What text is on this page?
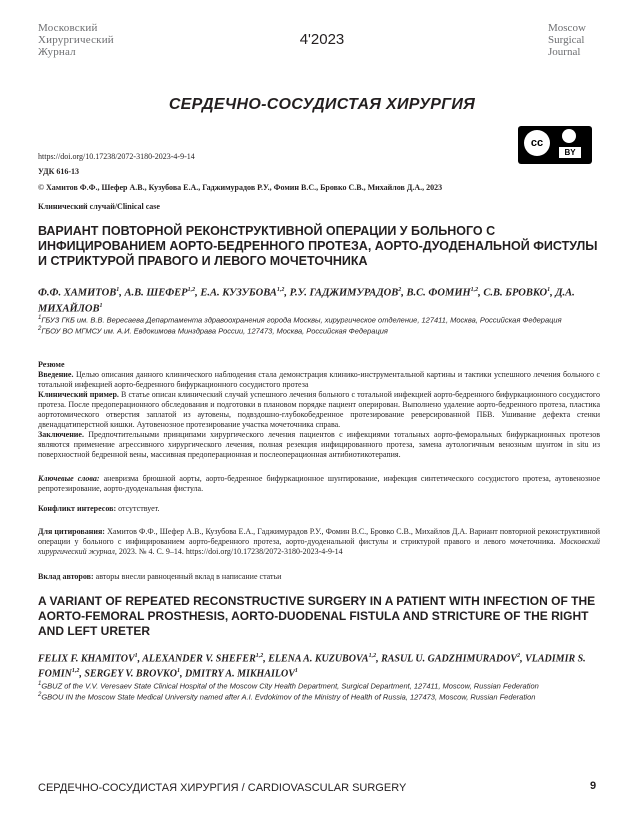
Московский
Хирургический
Журнал
4'2023
Moscow
Surgical
Journal
СЕРДЕЧНО-СОСУДИСТАЯ ХИРУРГИЯ
cc
BY
https://doi.org/10.17238/2072-3180-2023-4-9-14
УДК 616-13
© Хамитов Ф.Ф., Шефер А.В., Кузубова Е.А., Гаджимурадов Р.У., Фомин В.С., Бровко С.В., Михайлов Д.А., 2023
Клинический случай/Clinical case
ВАРИАНТ ПОВТОРНОЙ РЕКОНСТРУКТИВНОЙ ОПЕРАЦИИ У БОЛЬНОГО С ИНФИЦИРОВАНИЕМ АОРТО-БЕДРЕННОГО ПРОТЕЗА, АОРТО-ДУОДЕНАЛЬНОЙ ФИСТУЛЫ И СТРИКТУРОЙ ПРАВОГО И ЛЕВОГО МОЧЕТОЧНИКА
Ф.Ф. ХАМИТОВ$^1$, А.В. ШЕФЕР$^{1,2}$, Е.А. КУЗУБОВА$^{1,2}$, Р.У. ГАДЖИМУРАДОВ$^2$, В.С. ФОМИН$^{1,2}$, С.В. БРОВКО$^1$, Д.А. МИХАЙЛОВ$^1$
$^1$ГБУЗ ГКБ им. В.В. Вересаева Департамента здравоохранения города Москвы, хирургическое отделение, 127411, Москва, Российская Федерация
$^2$ГБОУ ВО МГМСУ им. А.И. Евдокимова Минздрава России, 127473, Москва, Российская Федерация

Резюме

Введение. Целью описания данного клинического наблюдения стала демонстрация клинико-инструментальной картины и тактики успешного лечения больного с тотальной инфекцией аорто-бедренного бифуркационного сосудистого протеза

Клинический пример. В статье описан клинический случай успешного лечения больного с тотальной инфекцией аорто-бедренного бифуркационного сосудистого протеза. После предоперационного обследования и подготовки в плановом порядке пациент оперирован. Выполнено удаление аорто-бедренного протеза, пластика аортотомического отверстия заплатой из аутовены, подвздошно-глубокобедренное протезирование реверсированной ПБВ. Ушивание дефекта стенки двенадцатиперстной кишки. Аутовенозное протезирование участка мочеточника справа.

Заключение. Предпочтительными принципами хирургического лечения пациентов с инфекциями тотальных аорто-феморальных бифуркационных протезов являются применение агрессивного хирургического лечения, полная резекция инфицированного протеза, замена аутологичным венозным шунтом in situ из поверхностной бедренной вены, массивная предоперационная и послеоперационная антибиотикотерапия.

Ключевые слова: аневризма брюшной аорты, аорто-бедренное бифуркационное шунтирование, инфекция синтетического сосудистого протеза, аутовенозное репротезирование, аорто-дуоденальная фистула.
Конфликт интересов: отсутствует.
Для цитирования: Хамитов Ф.Ф., Шефер А.В., Кузубова Е.А., Гаджимурадов Р.У., Фомин В.С., Бровко С.В., Михайлов Д.А. Вариант повторной реконструктивной операции у больного с инфицированием аорто-бедренного протеза, аорто-дуоденальной фистулы и стриктурой правого и левого мочеточника. Московский хирургический журнал, 2023. № 4. С. 9–14. https://doi.org/10.17238/2072-3180-2023-4-9-14
Вклад авторов: авторы внесли равноценный вклад в написание статьи
A VARIANT OF REPEATED RECONSTRUCTIVE SURGERY IN A PATIENT WITH INFECTION OF THE AORTO-FEMORAL PROSTHESIS, AORTO-DUODENAL FISTULA AND STRICTURE OF THE RIGHT AND LEFT URETER
FELIX F. KHAMITOV$^1$, ALEXANDER V. SHEFER$^{1,2}$, ELENA A. KUZUBOVA$^{1,2}$, RASUL U. GADZHIMURADOV$^2$, VLADIMIR S. FOMIN$^{1,2}$, SERGEY V. BROVKO$^1$, DMITRY A. MIKHAILOV$^1$
$^1$GBUZ of the V.V. Veresaev State Clinical Hospital of the Moscow City Health Department, Surgical Department, 127411, Moscow, Russian Federation
$^2$GBOU IN the Moscow State Medical University named after A.I. Evdokimov of the Ministry of Health of Russia, 127473, Moscow, Russian Federation
СЕРДЕЧНО-СОСУДИСТАЯ ХИРУРГИЯ / CARDIOVASCULAR SURGERY	9
